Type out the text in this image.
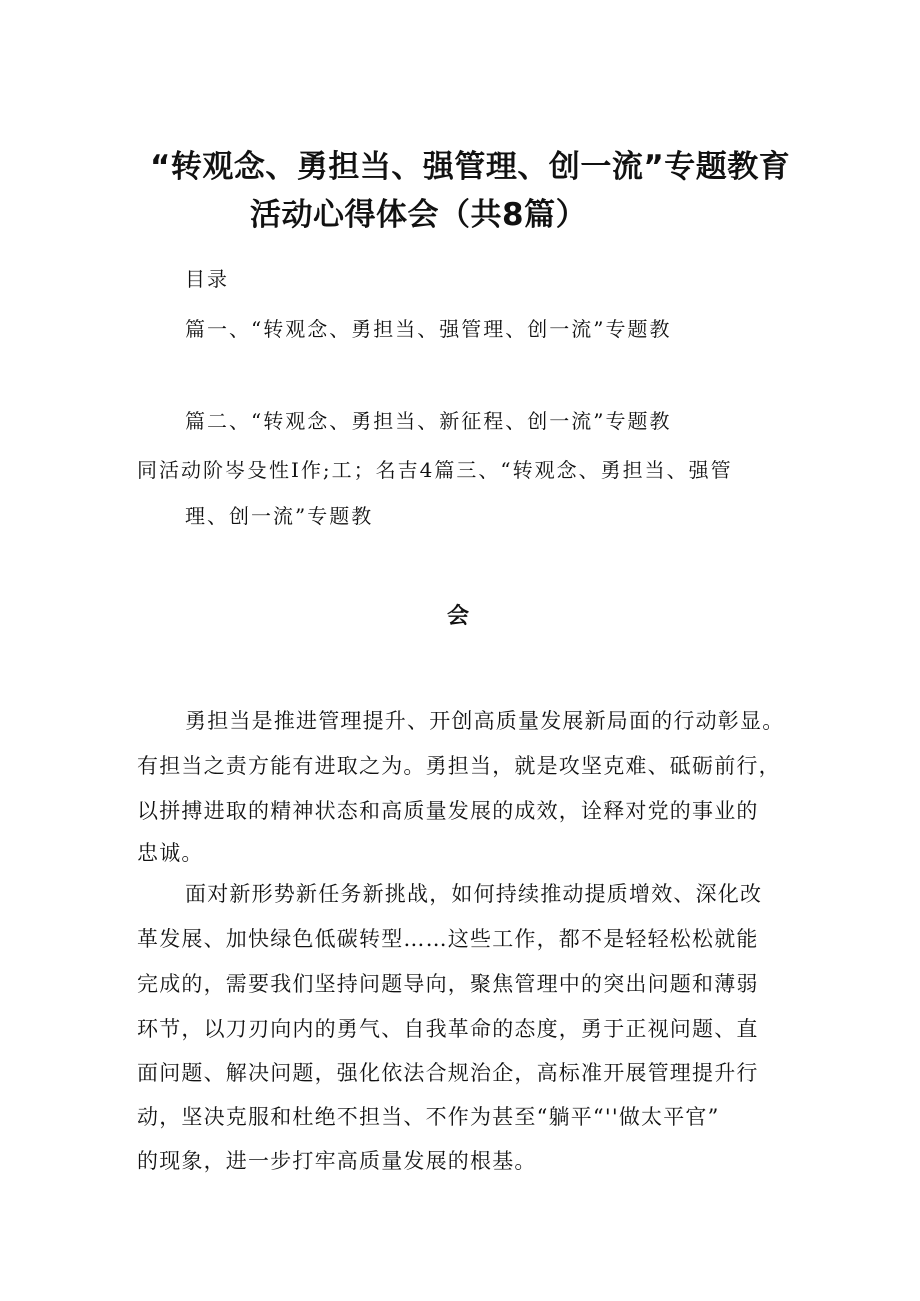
“转观念、勇担当、强管理、创一流”专题教育
活动心得体会（共8篇）
目录
篇一、“转观念、勇担当、强管理、创一流”专题教
篇二、“转观念、勇担当、新征程、创一流”专题教
同活动阶岑殳性I作;工；名吉4篇三、“转观念、勇担当、强管
理、创一流”专题教
会
勇担当是推进管理提升、开创高质量发展新局面的行动彰显。
有担当之责方能有进取之为。勇担当，就是攻坚克难、砥砺前行，
以拼搏进取的精神状态和高质量发展的成效，诠释对党的事业的
忠诚。
面对新形势新任务新挑战，如何持续推动提质增效、深化改
革发展、加快绿色低碳转型……这些工作，都不是轻轻松松就能
完成的，需要我们坚持问题导向，聚焦管理中的突出问题和薄弱
环节，以刀刃向内的勇气、自我革命的态度，勇于正视问题、直
面问题、解决问题，强化依法合规治企，高标准开展管理提升行
动，坚决克服和杜绝不担当、不作为甚至“躺平“''做太平官”
的现象，进一步打牢高质量发展的根基。
